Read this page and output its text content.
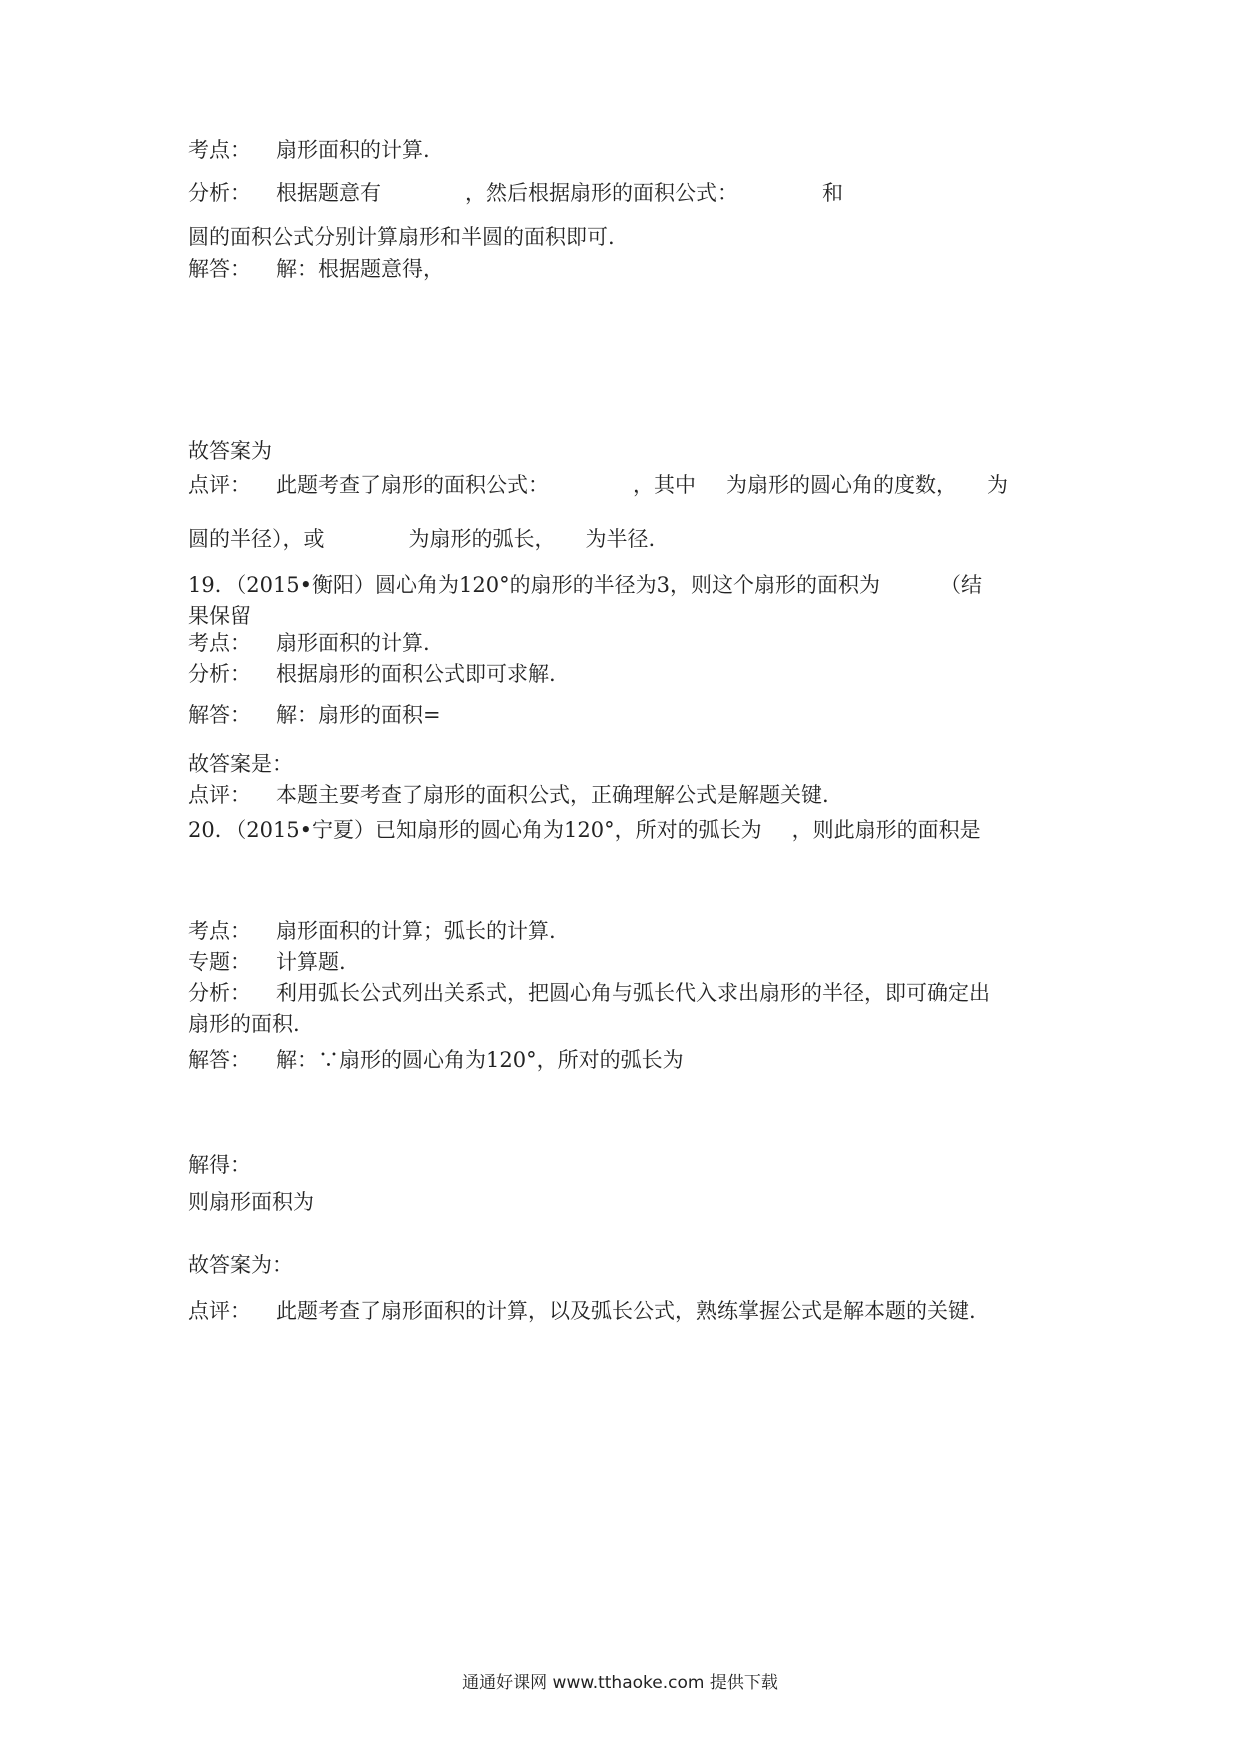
考点： 扇形面积的计算.
分析： 根据题意有	，然后根据扇形的面积公式：	和
圆的面积公式分别计算扇形和半圆的面积即可.
解答： 解：根据题意得，
故答案为
点评： 此题考查了扇形的面积公式：	，其中 为扇形的圆心角的度数， 为
圆的半径），或	为扇形的弧长， 为半径.
19．（2015•衡阳）圆心角为120°的扇形的半径为3，则这个扇形的面积为	（结
果保留
考点： 扇形面积的计算.
分析： 根据扇形的面积公式即可求解.
解答： 解：扇形的面积=
故答案是：
点评： 本题主要考查了扇形的面积公式，正确理解公式是解题关键.
20．（2015•宁夏）已知扇形的圆心角为120°，所对的弧长为 ，则此扇形的面积是
考点： 扇形面积的计算；弧长的计算.
专题： 计算题.
分析： 利用弧长公式列出关系式，把圆心角与弧长代入求出扇形的半径，即可确定出
扇形的面积.
解答： 解：∵扇形的圆心角为120°，所对的弧长为
解得：
则扇形面积为
故答案为：
点评： 此题考查了扇形面积的计算，以及弧长公式，熟练掌握公式是解本题的关键.
通通好课网 www.tthaoke.com 提供下载
